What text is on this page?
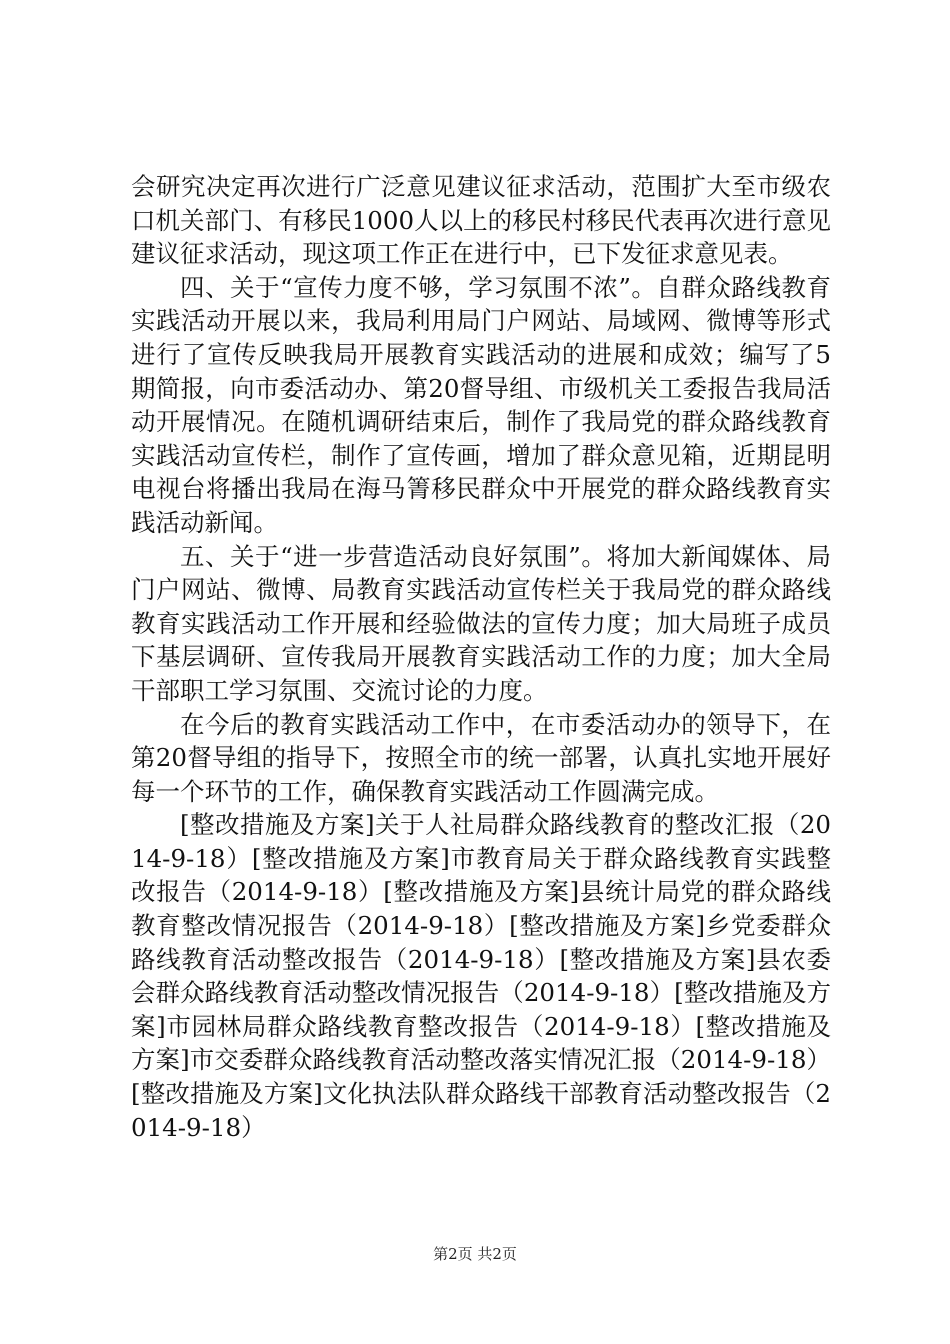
会研究决定再次进行广泛意见建议征求活动，范围扩大至市级农口机关部门、有移民1000人以上的移民村移民代表再次进行意见建议征求活动，现这项工作正在进行中，已下发征求意见表。

四、关于“宣传力度不够，学习氛围不浓”。自群众路线教育实践活动开展以来，我局利用局门户网站、局域网、微博等形式进行了宣传反映我局开展教育实践活动的进展和成效；编写了5期简报，向市委活动办、第20督导组、市级机关工委报告我局活动开展情况。在随机调研结束后，制作了我局党的群众路线教育实践活动宣传栏，制作了宣传画，增加了群众意见箱，近期昆明电视台将播出我局在海马箐移民群众中开展党的群众路线教育实践活动新闻。

五、关于“进一步营造活动良好氛围”。将加大新闻媒体、局门户网站、微博、局教育实践活动宣传栏关于我局党的群众路线教育实践活动工作开展和经验做法的宣传力度；加大局班子成员下基层调研、宣传我局开展教育实践活动工作的力度；加大全局干部职工学习氛围、交流讨论的力度。

在今后的教育实践活动工作中，在市委活动办的领导下，在第20督导组的指导下，按照全市的统一部署，认真扎实地开展好每一个环节的工作，确保教育实践活动工作圆满完成。

[整改措施及方案]关于人社局群众路线教育的整改汇报（2014-9-18）[整改措施及方案]市教育局关于群众路线教育实践整改报告（2014-9-18）[整改措施及方案]县统计局党的群众路线教育整改情况报告（2014-9-18）[整改措施及方案]乡党委群众路线教育活动整改报告（2014-9-18）[整改措施及方案]县农委会群众路线教育活动整改情况报告（2014-9-18）[整改措施及方案]市园林局群众路线教育整改报告（2014-9-18）[整改措施及方案]市交委群众路线教育活动整改落实情况汇报（2014-9-18）[整改措施及方案]文化执法队群众路线干部教育活动整改报告（2014-9-18）

第2页 共2页
